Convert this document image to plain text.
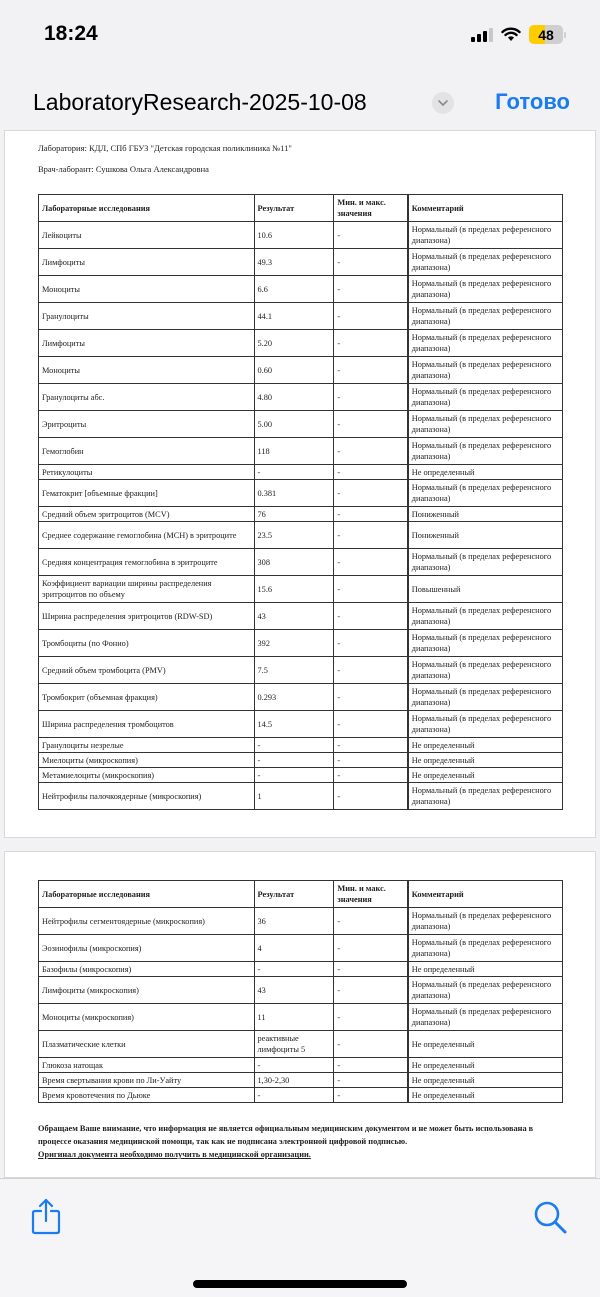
18:24	48
LaboratoryResearch-2025-10-08	Готово
Лаборатория: КДЛ, СПб ГБУЗ "Детская городская поликлиника №11"
Врач-лаборант: Сушкова Ольга Александровна
Лабораторные исследования	Результат	Мин. и макс. значения	Комментарий
Лейкоциты	10.6	-	Нормальный (в пределах референсного диапазона)
Лимфоциты	49.3	-	Нормальный (в пределах референсного диапазона)
Моноциты	6.6	-	Нормальный (в пределах референсного диапазона)
Гранулоциты	44.1	-	Нормальный (в пределах референсного диапазона)
Лимфоциты	5.20	-	Нормальный (в пределах референсного диапазона)
Моноциты	0.60	-	Нормальный (в пределах референсного диапазона)
Гранулоциты абс.	4.80	-	Нормальный (в пределах референсного диапазона)
Эритроциты	5.00	-	Нормальный (в пределах референсного диапазона)
Гемоглобин	118	-	Нормальный (в пределах референсного диапазона)
Ретикулоциты	-	-	Не определенный
Гематокрит [объемные фракции]	0.381	-	Нормальный (в пределах референсного диапазона)
Средний объем эритроцитов (MCV)	76	-	Пониженный
Среднее содержание гемоглобина (MCH) в эритроците	23.5	-	Пониженный
Средняя концентрация гемоглобина в эритроците	308	-	Нормальный (в пределах референсного диапазона)
Коэффициент вариации ширины распределения эритроцитов по объему	15.6	-	Повышенный
Ширина распределения эритроцитов (RDW-SD)	43	-	Нормальный (в пределах референсного диапазона)
Тромбоциты (по Фонио)	392	-	Нормальный (в пределах референсного диапазона)
Средний объем тромбоцита (PMV)	7.5	-	Нормальный (в пределах референсного диапазона)
Тромбокрит (объемная фракция)	0.293	-	Нормальный (в пределах референсного диапазона)
Ширина распределения тромбоцитов	14.5	-	Нормальный (в пределах референсного диапазона)
Гранулоциты незрелые	-	-	Не определенный
Миелоциты (микроскопия)	-	-	Не определенный
Метамиелоциты (микроскопия)	-	-	Не определенный
Нейтрофилы палочкоядерные (микроскопия)	1	-	Нормальный (в пределах референсного диапазона)
Лабораторные исследования	Результат	Мин. и макс. значения	Комментарий
Нейтрофилы сегментоядерные (микроскопия)	36	-	Нормальный (в пределах референсного диапазона)
Эозинофилы (микроскопия)	4	-	Нормальный (в пределах референсного диапазона)
Базофилы (микроскопия)	-	-	Не определенный
Лимфоциты (микроскопия)	43	-	Нормальный (в пределах референсного диапазона)
Моноциты (микроскопия)	11	-	Нормальный (в пределах референсного диапазона)
Плазматические клетки	реактивные лимфоциты 5	-	Не определенный
Глюкоза натощак	-	-	Не определенный
Время свертывания крови по Ли-Уайту	1,30-2,30	-	Не определенный
Время кровотечения по Дьюке	-	-	Не определенный
Обращаем Ваше внимание, что информация не является официальным медицинским документом и не может быть использована в процессе оказания медицинской помощи, так как не подписана электронной цифровой подписью.
Оригинал документа необходимо получить в медицинской организации.
